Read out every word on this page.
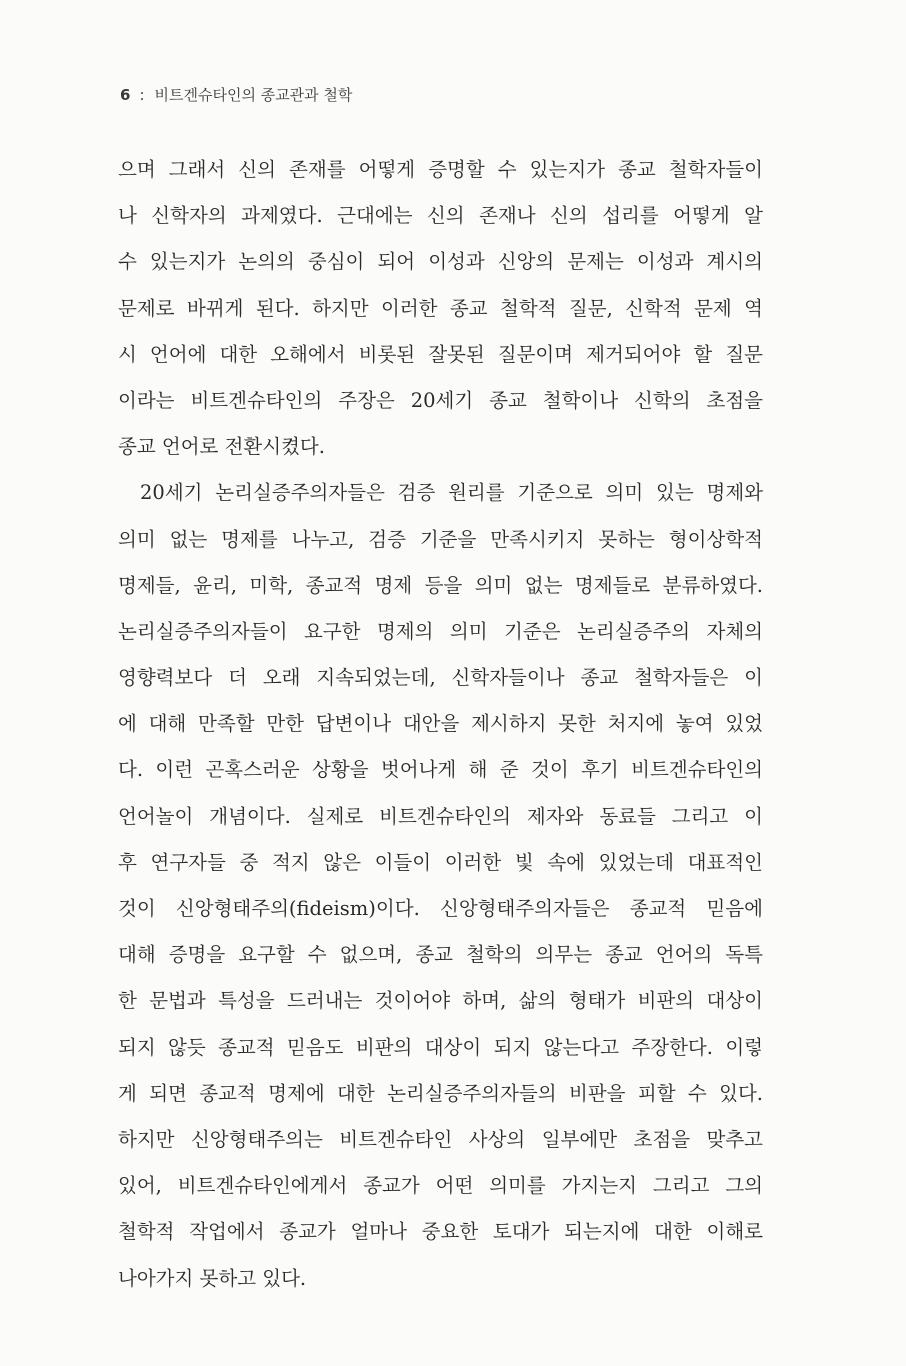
6 : 비트겐슈타인의 종교관과 철학
으며 그래서 신의 존재를 어떻게 증명할 수 있는지가 종교 철학자들이
나 신학자의 과제였다. 근대에는 신의 존재나 신의 섭리를 어떻게 알
수 있는지가 논의의 중심이 되어 이성과 신앙의 문제는 이성과 계시의
문제로 바뀌게 된다. 하지만 이러한 종교 철학적 질문, 신학적 문제 역
시 언어에 대한 오해에서 비롯된 잘못된 질문이며 제거되어야 할 질문
이라는 비트겐슈타인의 주장은 20세기 종교 철학이나 신학의 초점을
종교 언어로 전환시켰다.
20세기 논리실증주의자들은 검증 원리를 기준으로 의미 있는 명제와
의미 없는 명제를 나누고, 검증 기준을 만족시키지 못하는 형이상학적
명제들, 윤리, 미학, 종교적 명제 등을 의미 없는 명제들로 분류하였다.
논리실증주의자들이 요구한 명제의 의미 기준은 논리실증주의 자체의
영향력보다 더 오래 지속되었는데, 신학자들이나 종교 철학자들은 이
에 대해 만족할 만한 답변이나 대안을 제시하지 못한 처지에 놓여 있었
다. 이런 곤혹스러운 상황을 벗어나게 해 준 것이 후기 비트겐슈타인의
언어놀이 개념이다. 실제로 비트겐슈타인의 제자와 동료들 그리고 이
후 연구자들 중 적지 않은 이들이 이러한 빛 속에 있었는데 대표적인
것이 신앙형태주의(fideism)이다. 신앙형태주의자들은 종교적 믿음에
대해 증명을 요구할 수 없으며, 종교 철학의 의무는 종교 언어의 독특
한 문법과 특성을 드러내는 것이어야 하며, 삶의 형태가 비판의 대상이
되지 않듯 종교적 믿음도 비판의 대상이 되지 않는다고 주장한다. 이렇
게 되면 종교적 명제에 대한 논리실증주의자들의 비판을 피할 수 있다.
하지만 신앙형태주의는 비트겐슈타인 사상의 일부에만 초점을 맞추고
있어, 비트겐슈타인에게서 종교가 어떤 의미를 가지는지 그리고 그의
철학적 작업에서 종교가 얼마나 중요한 토대가 되는지에 대한 이해로
나아가지 못하고 있다.
